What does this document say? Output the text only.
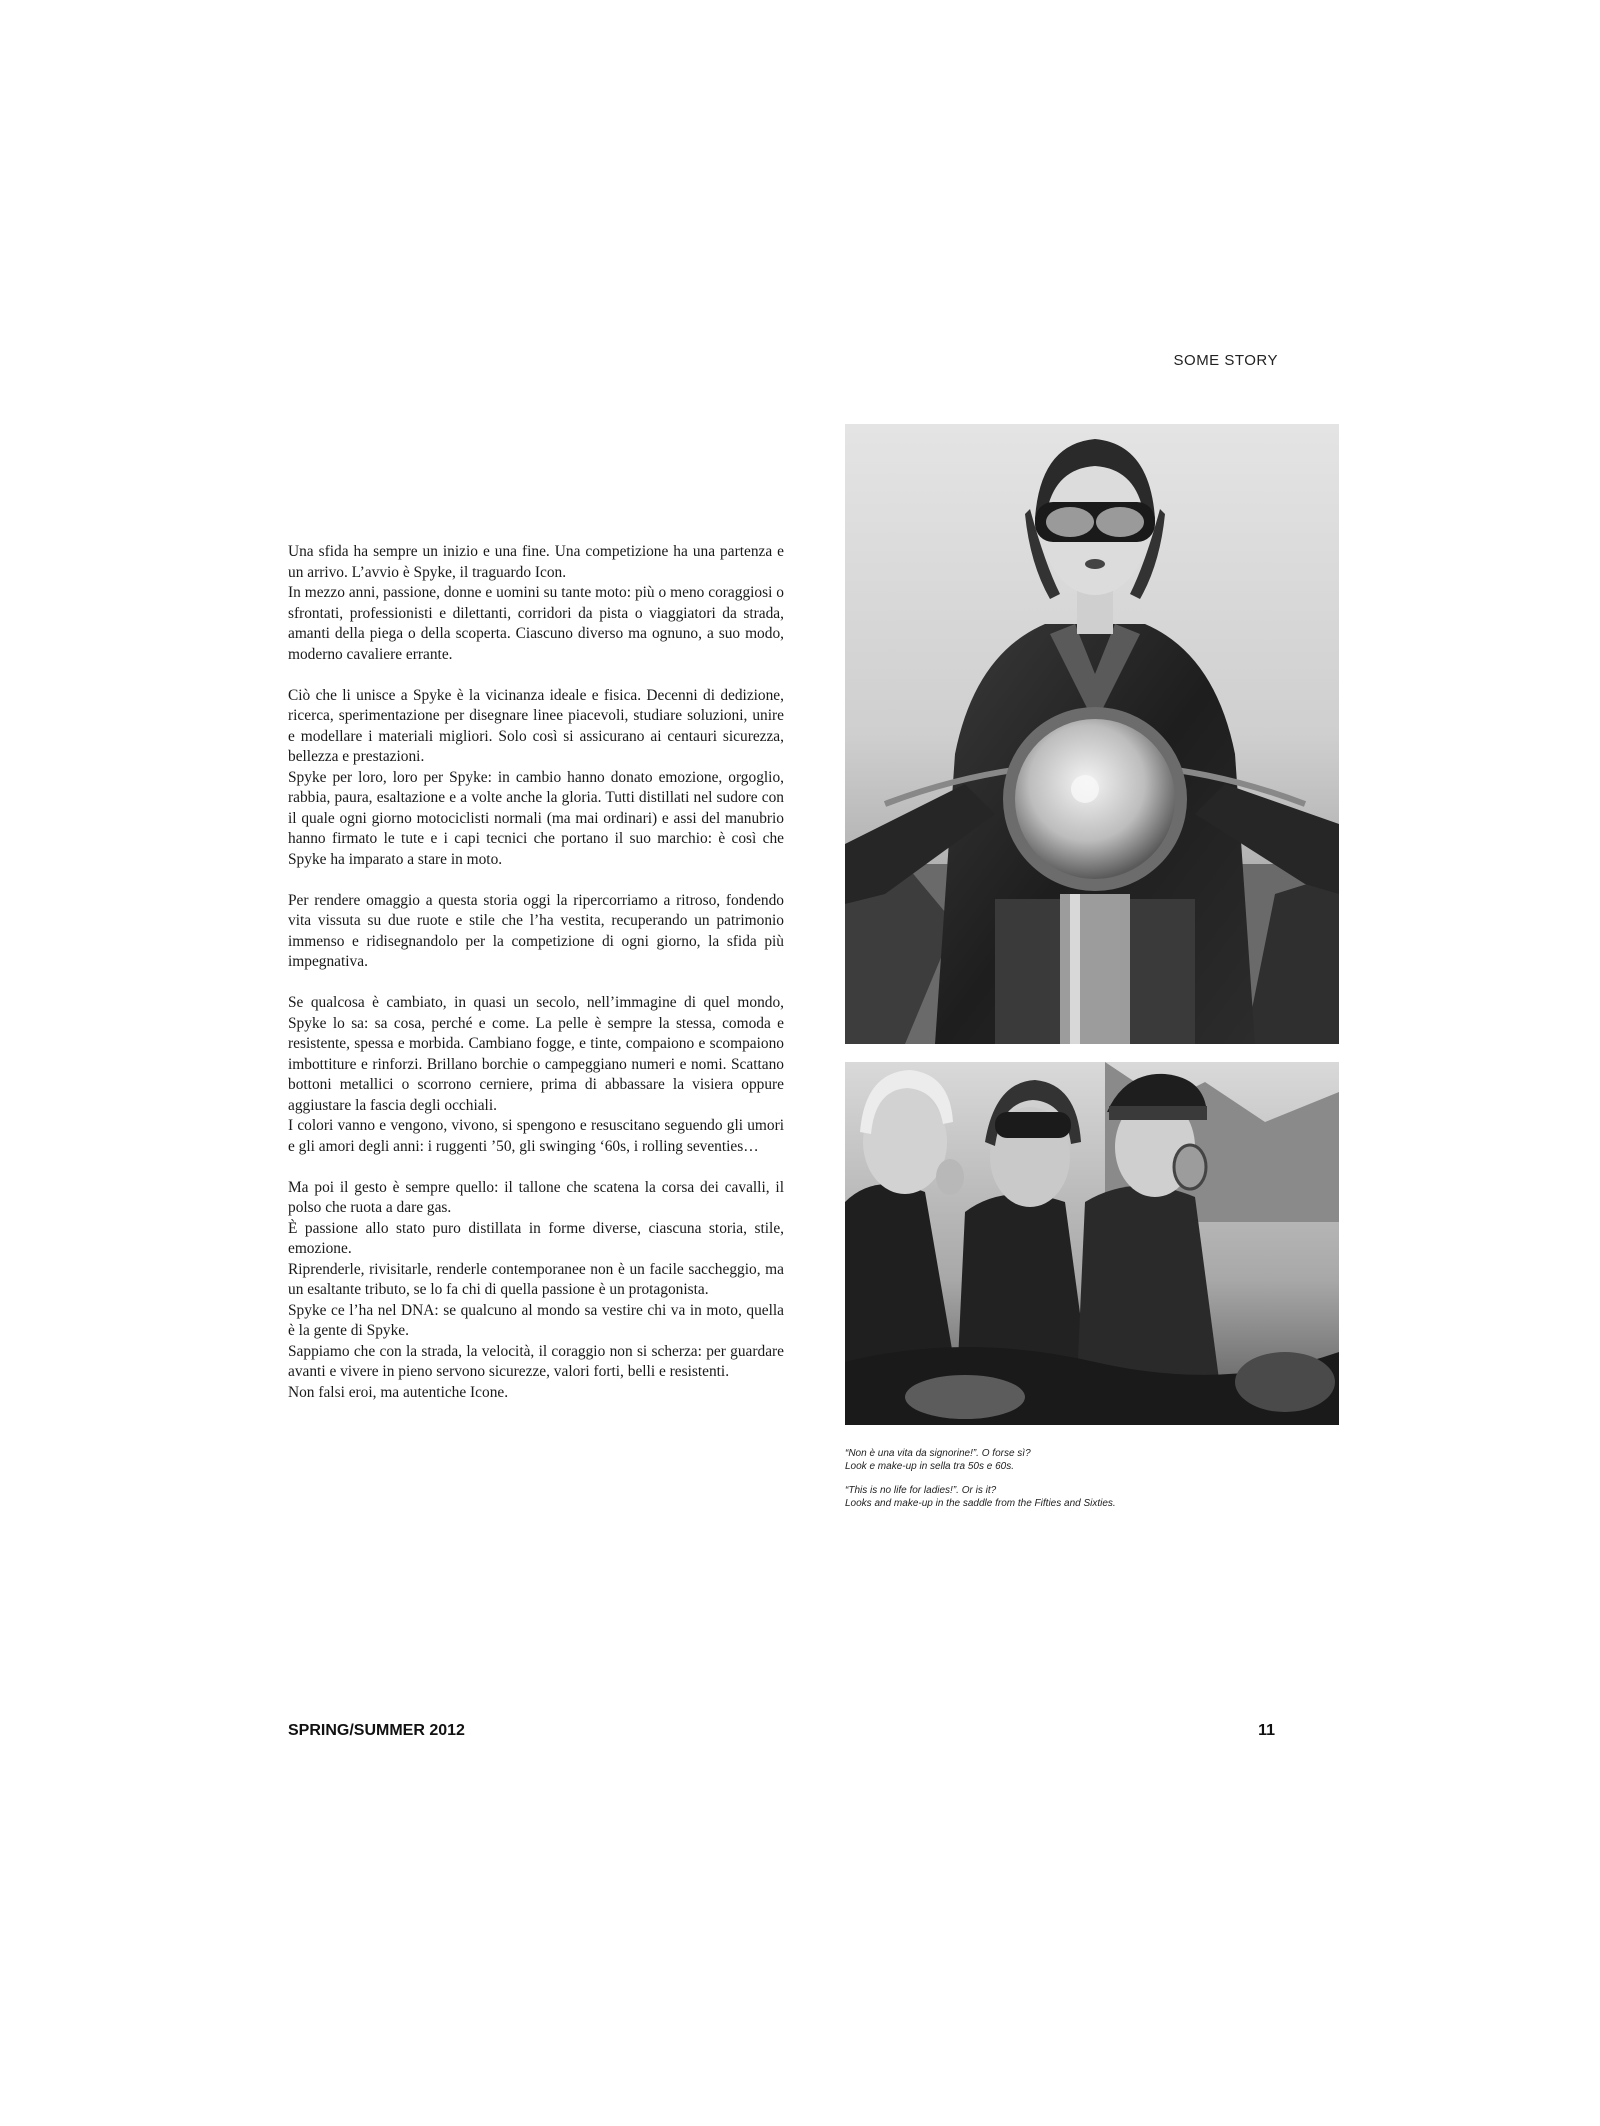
SOME STORY

Una sfida ha sempre un inizio e una fine. Una competizione ha una partenza e un arrivo. L’avvio è Spyke, il traguardo Icon.
In mezzo anni, passione, donne e uomini su tante moto: più o meno coraggiosi o sfrontati, professionisti e dilettanti, corridori da pista o viaggiatori da strada, amanti della piega o della scoperta. Ciascuno diverso ma ognuno, a suo modo, moderno cavaliere errante.

Ciò che li unisce a Spyke è la vicinanza ideale e fisica. Decenni di dedizione, ricerca, sperimentazione per disegnare linee piacevoli, studiare soluzioni, unire e modellare i materiali migliori. Solo così si assicurano ai centauri sicurezza, bellezza e prestazioni.
Spyke per loro, loro per Spyke: in cambio hanno donato emozione, orgoglio, rabbia, paura, esaltazione e a volte anche la gloria. Tutti distillati nel sudore con il quale ogni giorno motociclisti normali (ma mai ordinari) e assi del manubrio hanno firmato le tute e i capi tecnici che portano il suo marchio: è così che Spyke ha imparato a stare in moto.

Per rendere omaggio a questa storia oggi la ripercorriamo a ritroso, fondendo vita vissuta su due ruote e stile che l’ha vestita, recuperando un patrimonio immenso e ridisegnandolo per la competizione di ogni giorno, la sfida più impegnativa.

Se qualcosa è cambiato, in quasi un secolo, nell’immagine di quel mondo, Spyke lo sa: sa cosa, perché e come. La pelle è sempre la stessa, comoda e resistente, spessa e morbida. Cambiano fogge, e tinte, compaiono e scompaiono imbottiture e rinforzi. Brillano borchie o campeggiano numeri e nomi. Scattano bottoni metallici o scorrono cerniere, prima di abbassare la visiera oppure aggiustare la fascia degli occhiali.
I colori vanno e vengono, vivono, si spengono e resuscitano seguendo gli umori e gli amori degli anni: i ruggenti ’50, gli swinging ‘60s, i rolling seventies…

Ma poi il gesto è sempre quello: il tallone che scatena la corsa dei cavalli, il polso che ruota a dare gas.
È passione allo stato puro distillata in forme diverse, ciascuna storia, stile, emozione.
Riprenderle, rivisitarle, renderle contemporanee non è un facile saccheggio, ma un esaltante tributo, se lo fa chi di quella passione è un protagonista.
Spyke ce l’ha nel DNA: se qualcuno al mondo sa vestire chi va in moto, quella è la gente di Spyke.
Sappiamo che con la strada, la velocità, il coraggio non si scherza: per guardare avanti e vivere in pieno servono sicurezze, valori forti, belli e resistenti.
Non falsi eroi, ma autentiche Icone.

“Non è una vita da signorine!”. O forse sì?
Look e make-up in sella tra 50s e 60s.
“This is no life for ladies!”. Or is it?
Looks and make-up in the saddle from the Fifties and Sixties.
SPRING/SUMMER 2012	11
